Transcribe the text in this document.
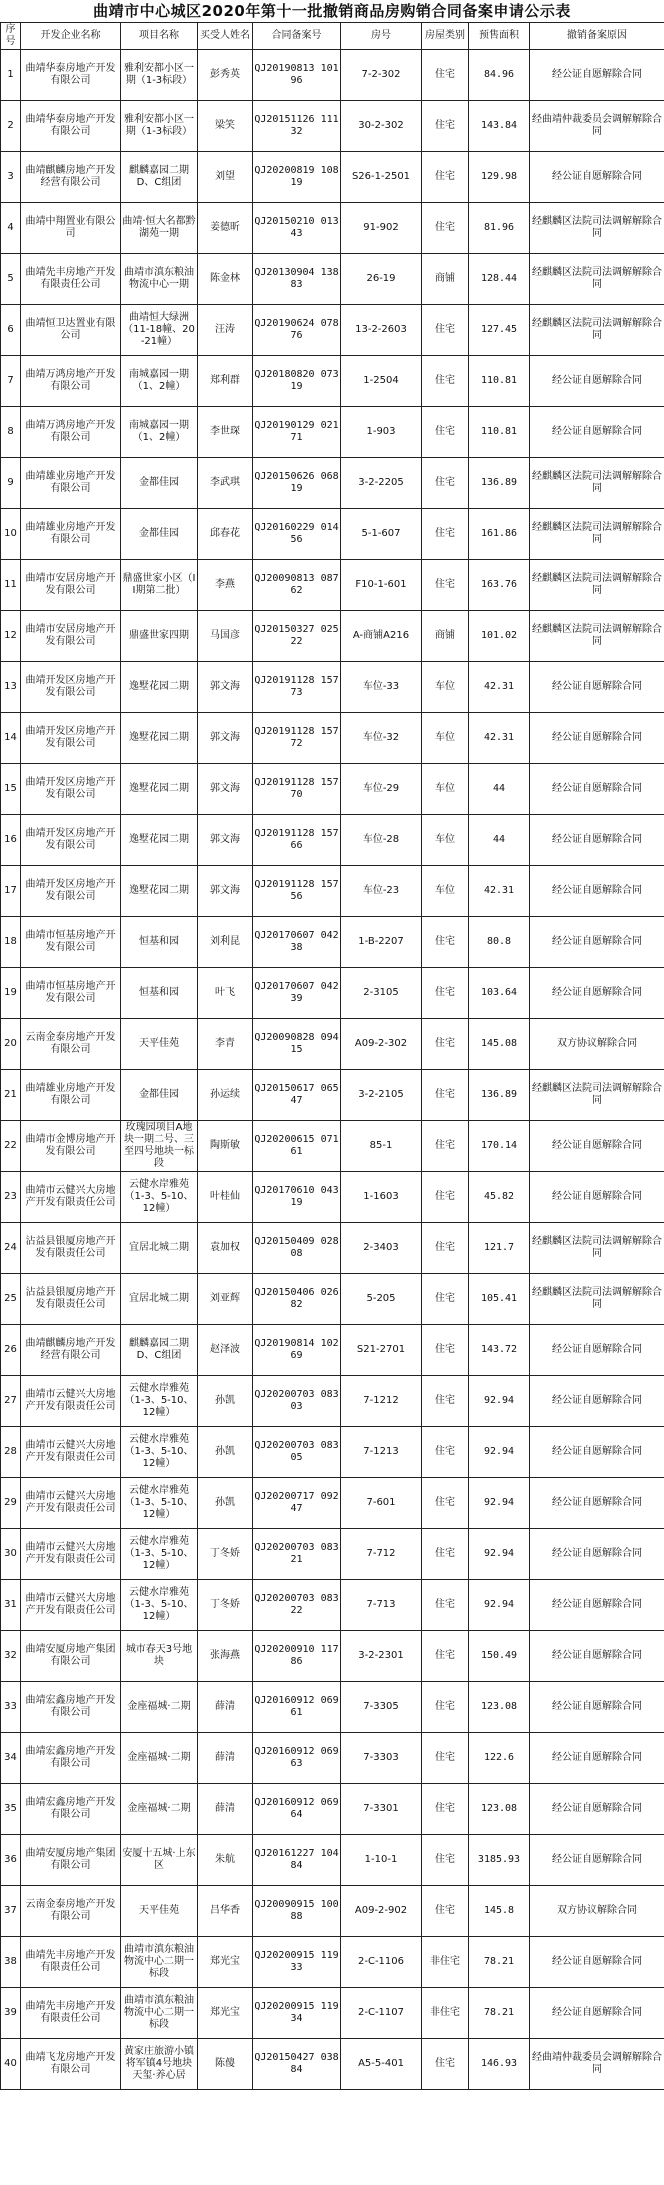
曲靖市中心城区2020年第十一批撤销商品房购销合同备案申请公示表
序号	开发企业名称	项目名称	买受人姓名	合同备案号	房号	房屋类别	预售面积	撤销备案原因
1	曲靖华泰房地产开发有限公司	雅利安都小区一期（1-3标段）	彭秀英	QJ20190813 10196	7-2-302	住宅	84.96	经公证自愿解除合同
2	曲靖华泰房地产开发有限公司	雅利安都小区一期（1-3标段）	梁笑	QJ20151126 11132	30-2-302	住宅	143.84	经曲靖仲裁委员会调解解除合同
3	曲靖麒麟房地产开发经营有限公司	麒麟嘉园二期D、C组团	刘望	QJ20200819 10819	S26-1-2501	住宅	129.98	经公证自愿解除合同
4	曲靖中翔置业有限公司	曲靖·恒大名都黔湖苑一期	姜德昕	QJ20150210 01343	91-902	住宅	81.96	经麒麟区法院司法调解解除合同
5	曲靖先丰房地产开发有限责任公司	曲靖市滇东粮油物流中心一期	陈金林	QJ20130904 13883	26-19	商铺	128.44	经麒麟区法院司法调解解除合同
6	曲靖恒卫达置业有限公司	曲靖恒大绿洲（11-18幢、20-21幢）	汪涛	QJ20190624 07876	13-2-2603	住宅	127.45	经麒麟区法院司法调解解除合同
7	曲靖万鸿房地产开发有限公司	南城嘉园一期（1、2幢）	郑利群	QJ20180820 07319	1-2504	住宅	110.81	经公证自愿解除合同
8	曲靖万鸿房地产开发有限公司	南城嘉园一期（1、2幢）	李世琛	QJ20190129 02171	1-903	住宅	110.81	经公证自愿解除合同
9	曲靖雄业房地产开发有限公司	金都佳园	李武琪	QJ20150626 06819	3-2-2205	住宅	136.89	经麒麟区法院司法调解解除合同
10	曲靖雄业房地产开发有限公司	金都佳园	邱春花	QJ20160229 01456	5-1-607	住宅	161.86	经麒麟区法院司法调解解除合同
11	曲靖市安居房地产开发有限公司	鼎盛世家小区（II期第二批）	李燕	QJ20090813 08762	F10-1-601	住宅	163.76	经麒麟区法院司法调解解除合同
12	曲靖市安居房地产开发有限公司	鼎盛世家四期	马国彦	QJ20150327 02522	A-商铺A216	商铺	101.02	经麒麟区法院司法调解解除合同
13	曲靖开发区房地产开发有限公司	逸墅花园二期	郭文海	QJ20191128 15773	车位-33	车位	42.31	经公证自愿解除合同
14	曲靖开发区房地产开发有限公司	逸墅花园二期	郭文海	QJ20191128 15772	车位-32	车位	42.31	经公证自愿解除合同
15	曲靖开发区房地产开发有限公司	逸墅花园二期	郭文海	QJ20191128 15770	车位-29	车位	44	经公证自愿解除合同
16	曲靖开发区房地产开发有限公司	逸墅花园二期	郭文海	QJ20191128 15766	车位-28	车位	44	经公证自愿解除合同
17	曲靖开发区房地产开发有限公司	逸墅花园二期	郭文海	QJ20191128 15756	车位-23	车位	42.31	经公证自愿解除合同
18	曲靖市恒基房地产开发有限公司	恒基和园	刘利昆	QJ20170607 04238	1-B-2207	住宅	80.8	经公证自愿解除合同
19	曲靖市恒基房地产开发有限公司	恒基和园	叶飞	QJ20170607 04239	2-3105	住宅	103.64	经公证自愿解除合同
20	云南金泰房地产开发有限公司	天平佳苑	李青	QJ20090828 09415	A09-2-302	住宅	145.08	双方协议解除合同
21	曲靖雄业房地产开发有限公司	金都佳园	孙运续	QJ20150617 06547	3-2-2105	住宅	136.89	经麒麟区法院司法调解解除合同
22	曲靖市金博房地产开发有限公司	玫瑰园项目A地块一期二号、三至四号地块一标段	陶斯敏	QJ20200615 07161	85-1	住宅	170.14	经公证自愿解除合同
23	曲靖市云健兴大房地产开发有限责任公司	云健水岸雅苑（1-3、5-10、12幢）	叶桂仙	QJ20170610 04319	1-1603	住宅	45.82	经公证自愿解除合同
24	沾益县银厦房地产开发有限责任公司	宜居北城二期	袁加权	QJ20150409 02808	2-3403	住宅	121.7	经麒麟区法院司法调解解除合同
25	沾益县银厦房地产开发有限责任公司	宜居北城二期	刘亚辉	QJ20150406 02682	5-205	住宅	105.41	经麒麟区法院司法调解解除合同
26	曲靖麒麟房地产开发经营有限公司	麒麟嘉园二期D、C组团	赵泽波	QJ20190814 10269	S21-2701	住宅	143.72	经公证自愿解除合同
27	曲靖市云健兴大房地产开发有限责任公司	云健水岸雅苑（1-3、5-10、12幢）	孙凯	QJ20200703 08303	7-1212	住宅	92.94	经公证自愿解除合同
28	曲靖市云健兴大房地产开发有限责任公司	云健水岸雅苑（1-3、5-10、12幢）	孙凯	QJ20200703 08305	7-1213	住宅	92.94	经公证自愿解除合同
29	曲靖市云健兴大房地产开发有限责任公司	云健水岸雅苑（1-3、5-10、12幢）	孙凯	QJ20200717 09247	7-601	住宅	92.94	经公证自愿解除合同
30	曲靖市云健兴大房地产开发有限责任公司	云健水岸雅苑（1-3、5-10、12幢）	丁冬娇	QJ20200703 08321	7-712	住宅	92.94	经公证自愿解除合同
31	曲靖市云健兴大房地产开发有限责任公司	云健水岸雅苑（1-3、5-10、12幢）	丁冬娇	QJ20200703 08322	7-713	住宅	92.94	经公证自愿解除合同
32	曲靖安厦房地产集团有限公司	城市春天3号地块	张海燕	QJ20200910 11786	3-2-2301	住宅	150.49	经公证自愿解除合同
33	曲靖宏鑫房地产开发有限公司	金座福城·二期	薛清	QJ20160912 06961	7-3305	住宅	123.08	经公证自愿解除合同
34	曲靖宏鑫房地产开发有限公司	金座福城·二期	薛清	QJ20160912 06963	7-3303	住宅	122.6	经公证自愿解除合同
35	曲靖宏鑫房地产开发有限公司	金座福城·二期	薛清	QJ20160912 06964	7-3301	住宅	123.08	经公证自愿解除合同
36	曲靖安厦房地产集团有限公司	安厦十五城·上东区	朱航	QJ20161227 10484	1-10-1	住宅	3185.93	经公证自愿解除合同
37	云南金泰房地产开发有限公司	天平佳苑	吕华香	QJ20090915 10088	A09-2-902	住宅	145.8	双方协议解除合同
38	曲靖先丰房地产开发有限责任公司	曲靖市滇东粮油物流中心二期一标段	郑光宝	QJ20200915 11933	2-C-1106	非住宅	78.21	经公证自愿解除合同
39	曲靖先丰房地产开发有限责任公司	曲靖市滇东粮油物流中心二期一标段	郑光宝	QJ20200915 11934	2-C-1107	非住宅	78.21	经公证自愿解除合同
40	曲靖飞龙房地产开发有限公司	黄家庄旅游小镇将军镇4号地块天玺·养心居	陈傻	QJ20150427 03884	A5-5-401	住宅	146.93	经曲靖仲裁委员会调解解除合同
